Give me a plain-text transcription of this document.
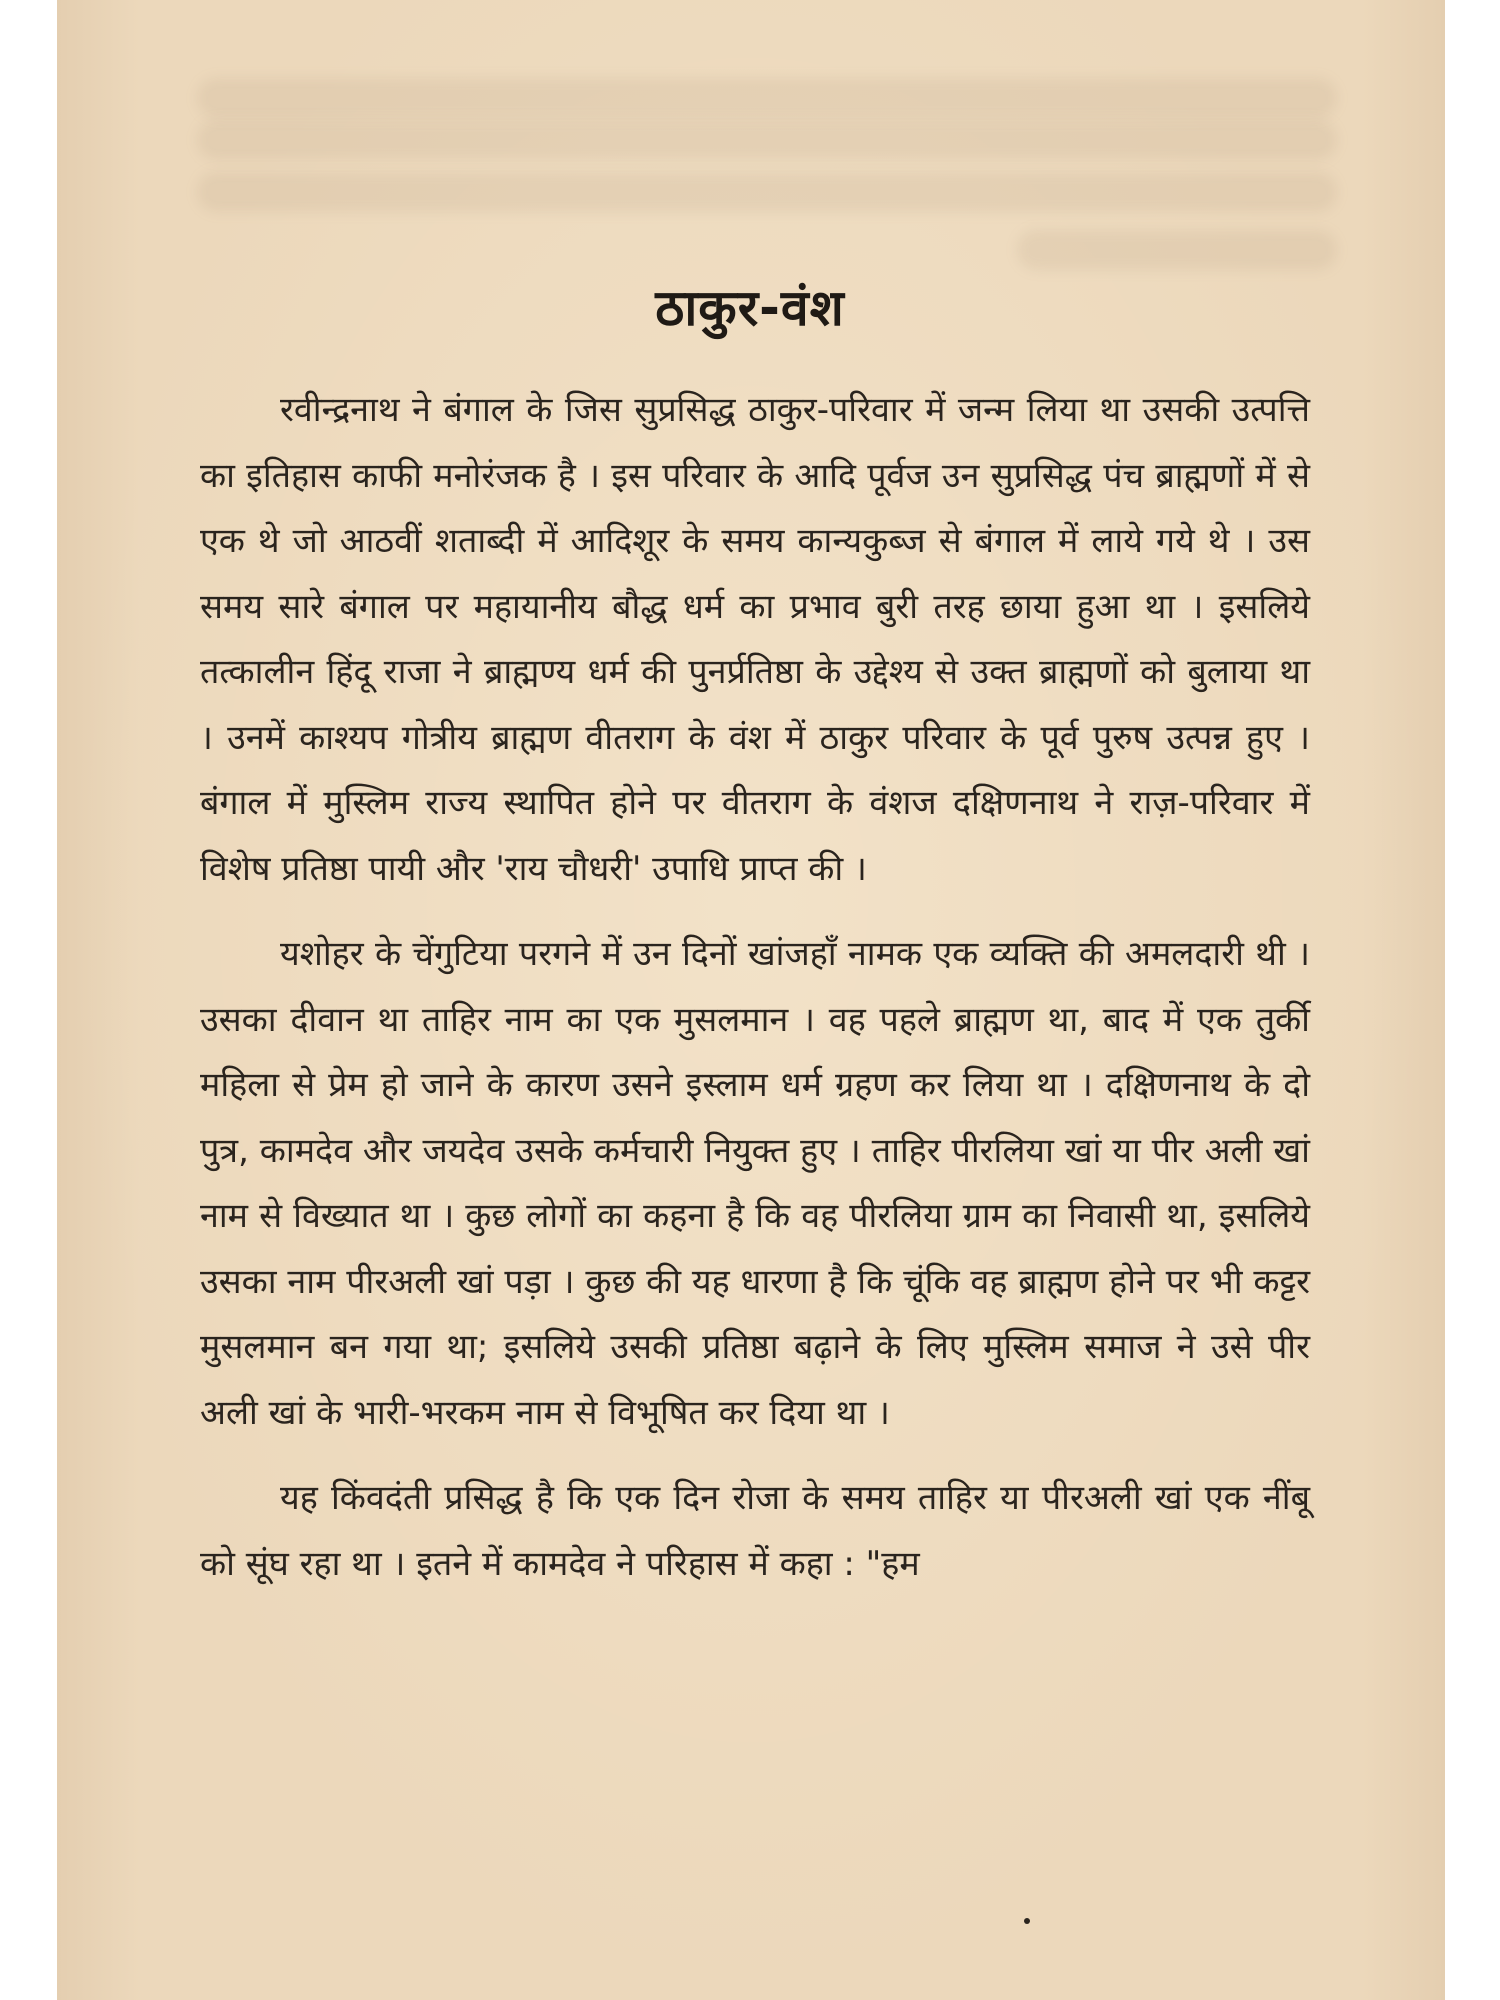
ठाकुर-वंश

रवीन्द्रनाथ ने बंगाल के जिस सुप्रसिद्ध ठाकुर-परिवार में जन्म लिया था उसकी उत्पत्ति का इतिहास काफी मनोरंजक है । इस परिवार के आदि पूर्वज उन सुप्रसिद्ध पंच ब्राह्मणों में से एक थे जो आठवीं शताब्दी में आदिशूर के समय कान्यकुब्ज से बंगाल में लाये गये थे । उस समय सारे बंगाल पर महायानीय बौद्ध धर्म का प्रभाव बुरी तरह छाया हुआ था । इसलिये तत्कालीन हिंदू राजा ने ब्राह्मण्य धर्म की पुनर्प्रतिष्ठा के उद्देश्य से उक्त ब्राह्मणों को बुलाया था । उनमें काश्यप गोत्रीय ब्राह्मण वीतराग के वंश में ठाकुर परिवार के पूर्व पुरुष उत्पन्न हुए । बंगाल में मुस्लिम राज्य स्थापित होने पर वीतराग के वंशज दक्षिणनाथ ने राज़-परिवार में विशेष प्रतिष्ठा पायी और 'राय चौधरी' उपाधि प्राप्त की ।

यशोहर के चेंगुटिया परगने में उन दिनों खांजहाँ नामक एक व्यक्ति की अमलदारी थी । उसका दीवान था ताहिर नाम का एक मुसलमान । वह पहले ब्राह्मण था, बाद में एक तुर्की महिला से प्रेम हो जाने के कारण उसने इस्लाम धर्म ग्रहण कर लिया था । दक्षिणनाथ के दो पुत्र, कामदेव और जयदेव उसके कर्मचारी नियुक्त हुए । ताहिर पीरलिया खां या पीर अली खां नाम से विख्यात था । कुछ लोगों का कहना है कि वह पीरलिया ग्राम का निवासी था, इसलिये उसका नाम पीरअली खां पड़ा । कुछ की यह धारणा है कि चूंकि वह ब्राह्मण होने पर भी कट्टर मुसलमान बन गया था; इसलिये उसकी प्रतिष्ठा बढ़ाने के लिए मुस्लिम समाज ने उसे पीर अली खां के भारी-भरकम नाम से विभूषित कर दिया था ।

यह किंवदंती प्रसिद्ध है कि एक दिन रोजा के समय ताहिर या पीरअली खां एक नींबू को सूंघ रहा था । इतने में कामदेव ने परिहास में कहा : "हम
